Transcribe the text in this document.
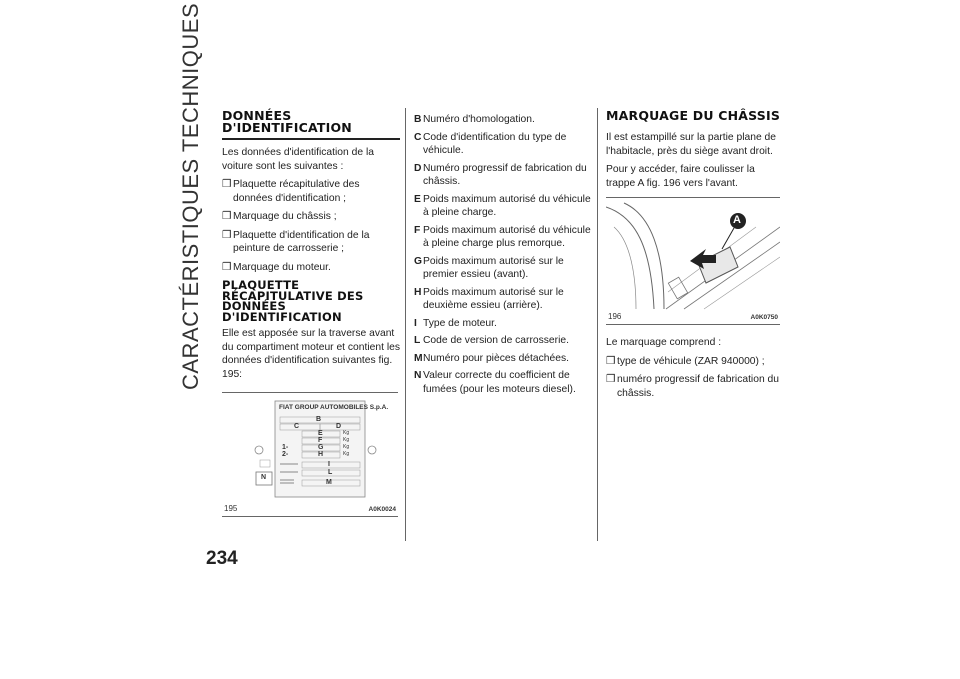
CARACTÉRISTIQUES TECHNIQUES
234
DONNÉES D'IDENTIFICATION

Les données d'identification de la voiture sont les suivantes :

❒ Plaquette récapitulative des données d'identification ;

❒ Marquage du châssis ;

❒ Plaquette d'identification de la peinture de carrosserie ;

❒ Marquage du moteur.

PLAQUETTE RÉCAPITULATIVE DES DONNÉES D'IDENTIFICATION

Elle est apposée sur la traverse avant du compartiment moteur et contient les données d'identification suivantes fig. 195:

FIAT GROUP AUTOMOBILES S.p.A.
B
C	D
E
F
G
H
Kg
Kg
Kg
Kg
1-
2-
I
L
M
N
195	A0K0024

B Numéro d'homologation.

C Code d'identification du type de véhicule.

D Numéro progressif de fabrication du châssis.

E Poids maximum autorisé du véhicule à pleine charge.

F Poids maximum autorisé du véhicule à pleine charge plus remorque.

GPoids maximum autorisé sur le premier essieu (avant).

H Poids maximum autorisé sur le deuxième essieu (arrière).

I Type de moteur.

L Code de version de carrosserie.

MNuméro pour pièces détachées.

N Valeur correcte du coefficient de fumées (pour les moteurs diesel).

MARQUAGE DU CHÂSSIS

Il est estampillé sur la partie plane de l'habitacle, près du siège avant droit.

Pour y accéder, faire coulisser la trappe A fig. 196 vers l'avant.

A
196	A0K0750

Le marquage comprend :

❒ type de véhicule (ZAR 940000) ;

❒ numéro progressif de fabrication du châssis.
